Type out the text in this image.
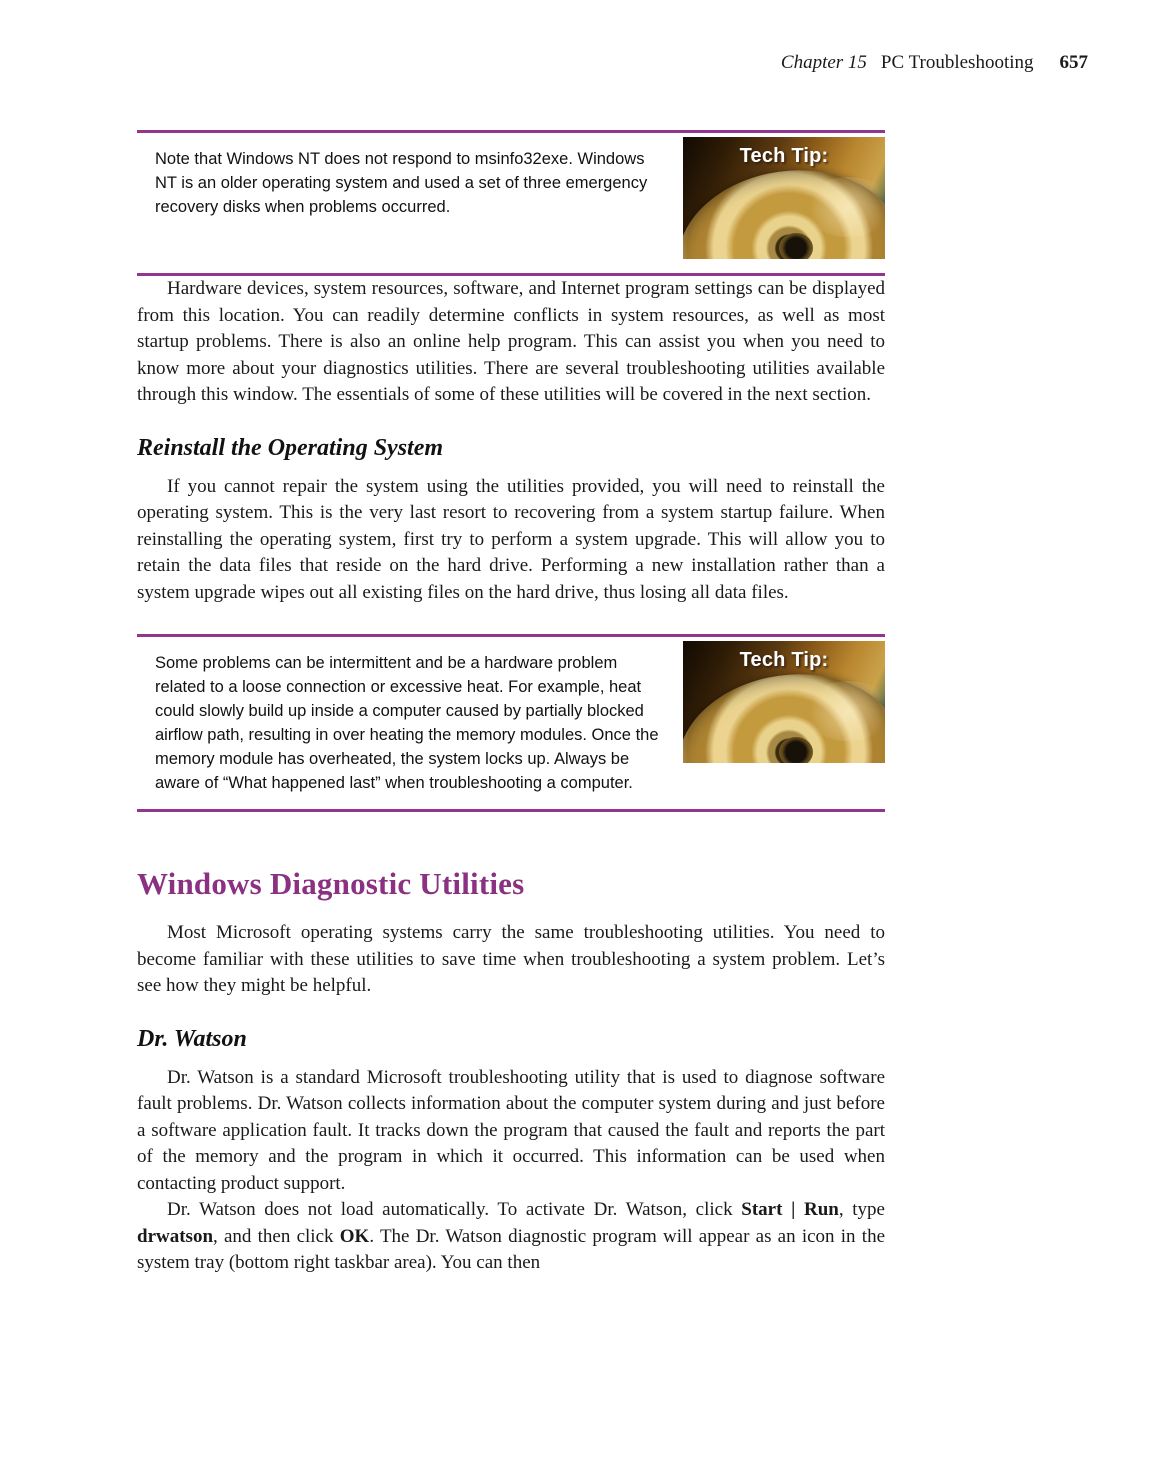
Chapter 15 PC Troubleshooting 657
Note that Windows NT does not respond to msinfo32exe. Windows NT is an older operating system and used a set of three emergency recovery disks when problems occurred.
Tech Tip:

Hardware devices, system resources, software, and Internet program settings can be displayed from this location. You can readily determine conflicts in system resources, as well as most startup problems. There is also an online help program. This can assist you when you need to know more about your diagnostics utilities. There are several troubleshooting utilities available through this window. The essentials of some of these utilities will be covered in the next section.

Reinstall the Operating System

If you cannot repair the system using the utilities provided, you will need to reinstall the operating system. This is the very last resort to recovering from a system startup failure. When reinstalling the operating system, first try to perform a system upgrade. This will allow you to retain the data files that reside on the hard drive. Performing a new installation rather than a system upgrade wipes out all existing files on the hard drive, thus losing all data files.

Some problems can be intermittent and be a hardware problem related to a loose connection or excessive heat. For example, heat could slowly build up inside a computer caused by partially blocked airflow path, resulting in over heating the memory modules. Once the memory module has overheated, the system locks up. Always be aware of “What happened last” when troubleshooting a computer.
Tech Tip:
Windows Diagnostic Utilities

Most Microsoft operating systems carry the same troubleshooting utilities. You need to become familiar with these utilities to save time when troubleshooting a system problem. Let’s see how they might be helpful.

Dr. Watson

Dr. Watson is a standard Microsoft troubleshooting utility that is used to diagnose software fault problems. Dr. Watson collects information about the computer system during and just before a software application fault. It tracks down the program that caused the fault and reports the part of the memory and the program in which it occurred. This information can be used when contacting product support.

Dr. Watson does not load automatically. To activate Dr. Watson, click Start | Run, type drwatson, and then click OK. The Dr. Watson diagnostic program will appear as an icon in the system tray (bottom right taskbar area). You can then
